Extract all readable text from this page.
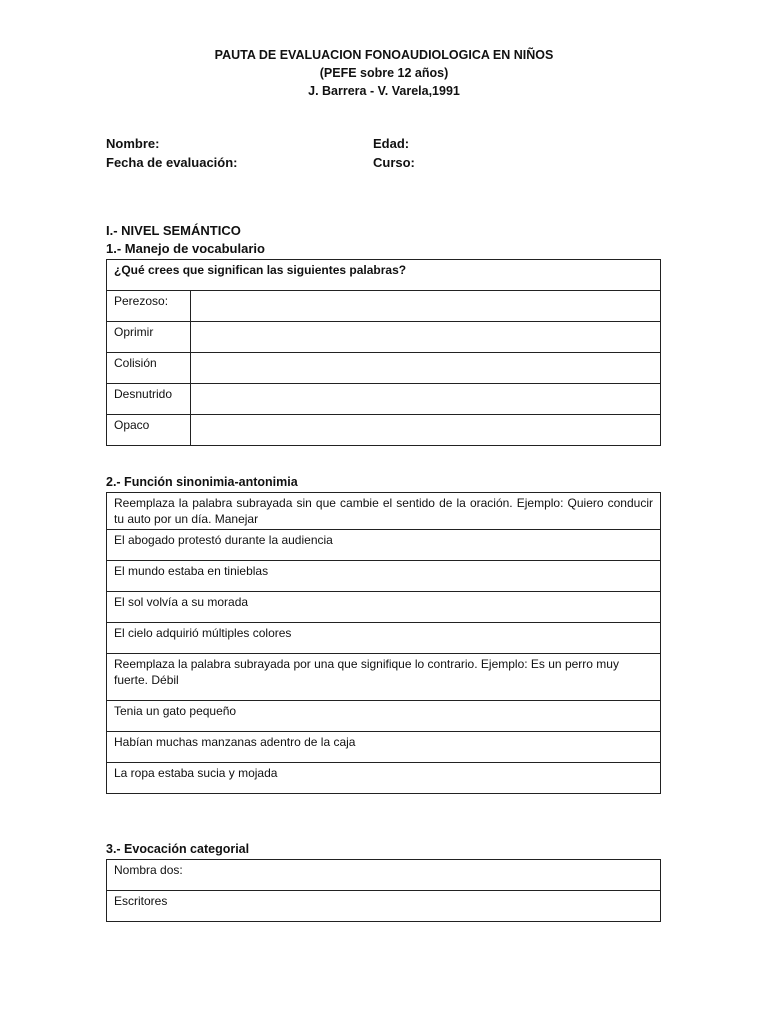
PAUTA DE EVALUACION FONOAUDIOLOGICA EN NIÑOS
(PEFE sobre 12 años)
J. Barrera - V. Varela,1991
Nombre:	Edad:
Fecha de evaluación:	Curso:
I.- NIVEL SEMÁNTICO
1.- Manejo de vocabulario
¿Qué crees que significan las siguientes palabras?	
Perezoso:	
Oprimir	
Colisión	
Desnutrido	
Opaco	
2.- Función sinonimia-antonimia
Reemplaza la palabra subrayada sin que cambie el sentido de la oración. Ejemplo: Quiero conducir tu auto por un día. Manejar
El abogado protestó durante la audiencia
El mundo estaba en tinieblas
El sol volvía a su morada
El cielo adquirió múltiples colores
Reemplaza la palabra subrayada por una que signifique lo contrario. Ejemplo: Es un perro muy fuerte. Débil
Tenia un gato pequeño
Habían muchas manzanas adentro de la caja
La ropa estaba sucia y mojada
3.- Evocación categorial
Nombra dos:
Escritores
